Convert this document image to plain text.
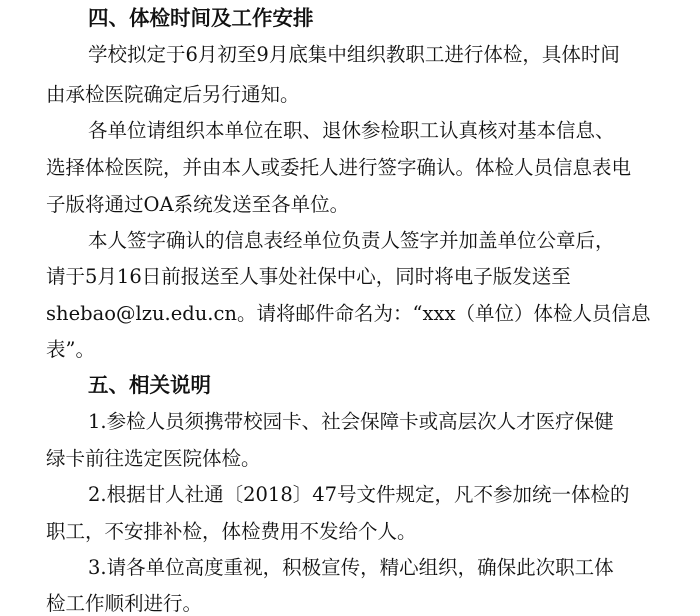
四、体检时间及工作安排
学校拟定于6月初至9月底集中组织教职工进行体检，具体时间
由承检医院确定后另行通知。
各单位请组织本单位在职、退休参检职工认真核对基本信息、
选择体检医院，并由本人或委托人进行签字确认。体检人员信息表电
子版将通过OA系统发送至各单位。
本人签字确认的信息表经单位负责人签字并加盖单位公章后，
请于5月16日前报送至人事处社保中心，同时将电子版发送至
shebao@lzu.edu.cn。请将邮件命名为：“xxx（单位）体检人员信息
表”。
五、相关说明
1.参检人员须携带校园卡、社会保障卡或高层次人才医疗保健
绿卡前往选定医院体检。
2.根据甘人社通〔2018〕47号文件规定，凡不参加统一体检的
职工，不安排补检，体检费用不发给个人。
3.请各单位高度重视，积极宣传，精心组织，确保此次职工体
检工作顺利进行。
